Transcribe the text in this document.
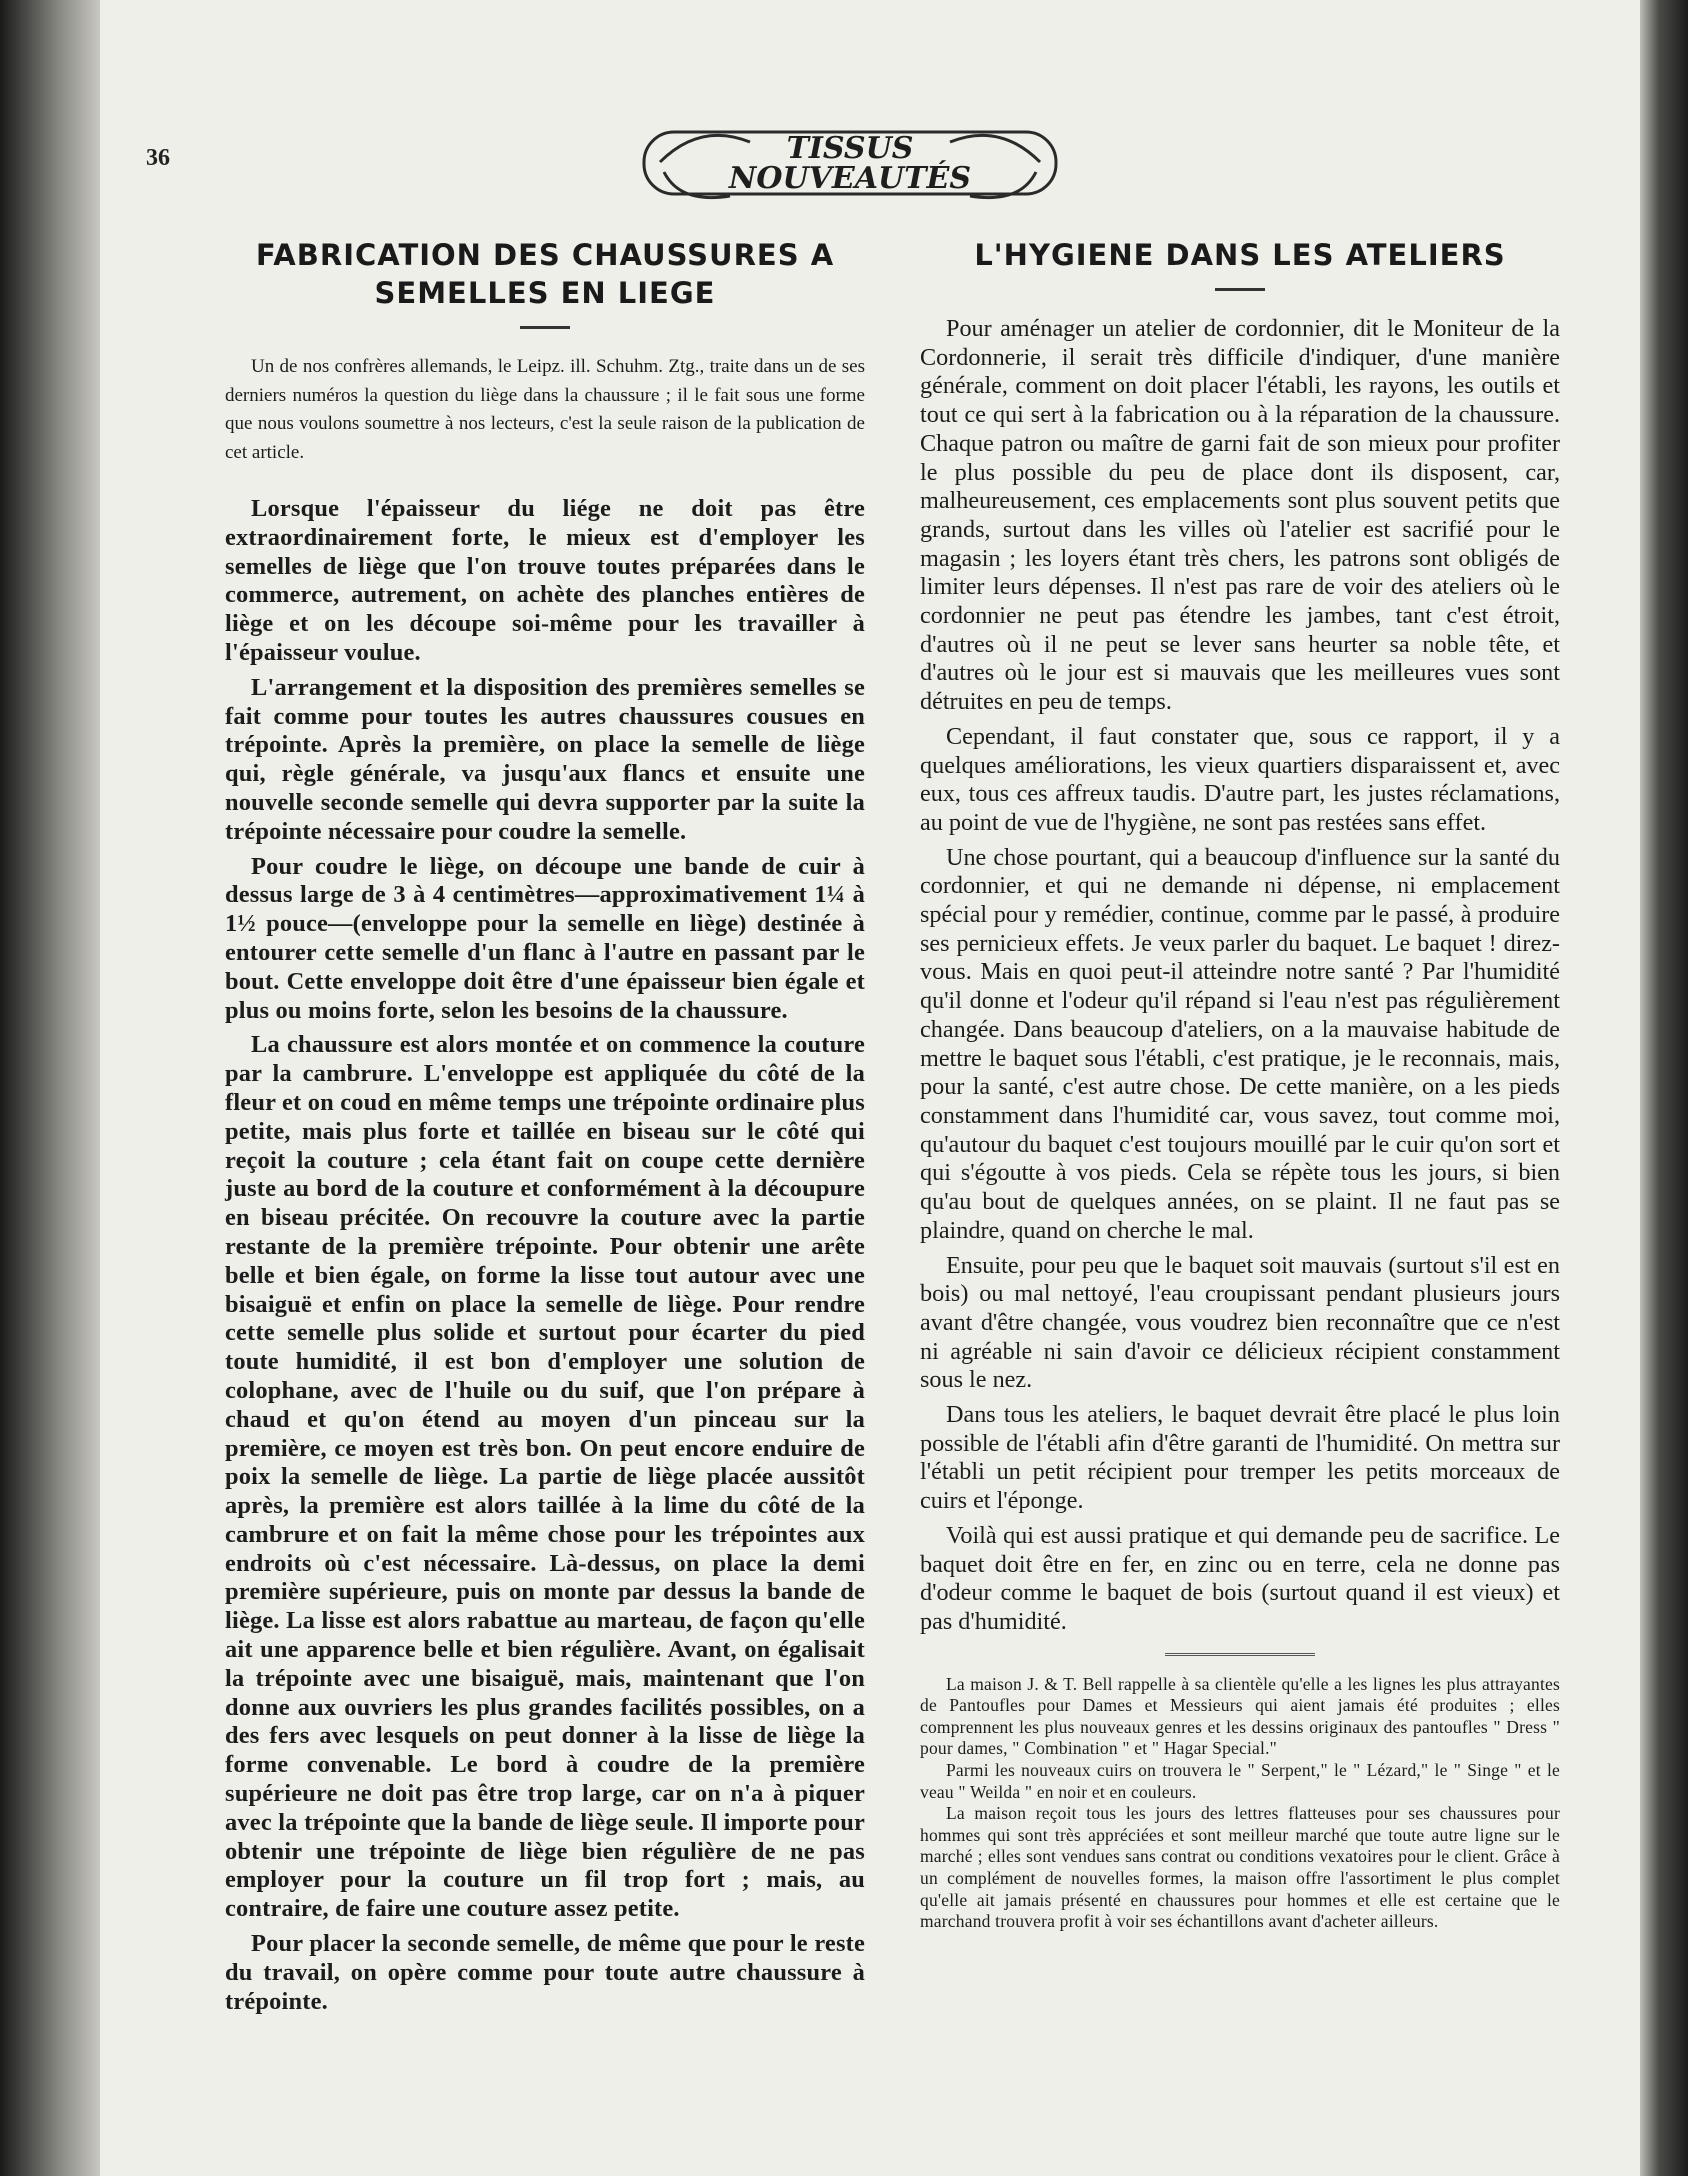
36	TISSUS
NOUVEAUTÉS
FABRICATION DES CHAUSSURES A SEMELLES EN LIEGE

Un de nos confrères allemands, le Leipz. ill. Schuhm. Ztg., traite dans un de ses derniers numéros la question du liège dans la chaussure ; il le fait sous une forme que nous voulons soumettre à nos lecteurs, c'est la seule raison de la publication de cet article.

Lorsque l'épaisseur du liége ne doit pas être extraordinairement forte, le mieux est d'employer les semelles de liège que l'on trouve toutes préparées dans le commerce, autrement, on achète des planches entières de liège et on les découpe soi-même pour les travailler à l'épaisseur voulue.

L'arrangement et la disposition des premières semelles se fait comme pour toutes les autres chaussures cousues en trépointe. Après la première, on place la semelle de liège qui, règle générale, va jusqu'aux flancs et ensuite une nouvelle seconde semelle qui devra supporter par la suite la trépointe nécessaire pour coudre la semelle.

Pour coudre le liège, on découpe une bande de cuir à dessus large de 3 à 4 centimètres—approximativement 1¼ à 1½ pouce—(enveloppe pour la semelle en liège) destinée à entourer cette semelle d'un flanc à l'autre en passant par le bout. Cette enveloppe doit être d'une épaisseur bien égale et plus ou moins forte, selon les besoins de la chaussure.

La chaussure est alors montée et on commence la couture par la cambrure. L'enveloppe est appliquée du côté de la fleur et on coud en même temps une trépointe ordinaire plus petite, mais plus forte et taillée en biseau sur le côté qui reçoit la couture ; cela étant fait on coupe cette dernière juste au bord de la couture et conformément à la découpure en biseau précitée. On recouvre la couture avec la partie restante de la première trépointe. Pour obtenir une arête belle et bien égale, on forme la lisse tout autour avec une bisaiguë et enfin on place la semelle de liège. Pour rendre cette semelle plus solide et surtout pour écarter du pied toute humidité, il est bon d'employer une solution de colophane, avec de l'huile ou du suif, que l'on prépare à chaud et qu'on étend au moyen d'un pinceau sur la première, ce moyen est très bon. On peut encore enduire de poix la semelle de liège. La partie de liège placée aussitôt après, la première est alors taillée à la lime du côté de la cambrure et on fait la même chose pour les trépointes aux endroits où c'est nécessaire. Là-dessus, on place la demi première supérieure, puis on monte par dessus la bande de liège. La lisse est alors rabattue au marteau, de façon qu'elle ait une apparence belle et bien régulière. Avant, on égalisait la trépointe avec une bisaiguë, mais, maintenant que l'on donne aux ouvriers les plus grandes facilités possibles, on a des fers avec lesquels on peut donner à la lisse de liège la forme convenable. Le bord à coudre de la première supérieure ne doit pas être trop large, car on n'a à piquer avec la trépointe que la bande de liège seule. Il importe pour obtenir une trépointe de liège bien régulière de ne pas employer pour la couture un fil trop fort ; mais, au contraire, de faire une couture assez petite.

Pour placer la seconde semelle, de même que pour le reste du travail, on opère comme pour toute autre chaussure à trépointe.

L'HYGIENE DANS LES ATELIERS

Pour aménager un atelier de cordonnier, dit le Moniteur de la Cordonnerie, il serait très difficile d'indiquer, d'une manière générale, comment on doit placer l'établi, les rayons, les outils et tout ce qui sert à la fabrication ou à la réparation de la chaussure. Chaque patron ou maître de garni fait de son mieux pour profiter le plus possible du peu de place dont ils disposent, car, malheureusement, ces emplacements sont plus souvent petits que grands, surtout dans les villes où l'atelier est sacrifié pour le magasin ; les loyers étant très chers, les patrons sont obligés de limiter leurs dépenses. Il n'est pas rare de voir des ateliers où le cordonnier ne peut pas étendre les jambes, tant c'est étroit, d'autres où il ne peut se lever sans heurter sa noble tête, et d'autres où le jour est si mauvais que les meilleures vues sont détruites en peu de temps.

Cependant, il faut constater que, sous ce rapport, il y a quelques améliorations, les vieux quartiers disparaissent et, avec eux, tous ces affreux taudis. D'autre part, les justes réclamations, au point de vue de l'hygiène, ne sont pas restées sans effet.

Une chose pourtant, qui a beaucoup d'influence sur la santé du cordonnier, et qui ne demande ni dépense, ni emplacement spécial pour y remédier, continue, comme par le passé, à produire ses pernicieux effets. Je veux parler du baquet. Le baquet ! direz-vous. Mais en quoi peut-il atteindre notre santé ? Par l'humidité qu'il donne et l'odeur qu'il répand si l'eau n'est pas régulièrement changée. Dans beaucoup d'ateliers, on a la mauvaise habitude de mettre le baquet sous l'établi, c'est pratique, je le reconnais, mais, pour la santé, c'est autre chose. De cette manière, on a les pieds constamment dans l'humidité car, vous savez, tout comme moi, qu'autour du baquet c'est toujours mouillé par le cuir qu'on sort et qui s'égoutte à vos pieds. Cela se répète tous les jours, si bien qu'au bout de quelques années, on se plaint. Il ne faut pas se plaindre, quand on cherche le mal.

Ensuite, pour peu que le baquet soit mauvais (surtout s'il est en bois) ou mal nettoyé, l'eau croupissant pendant plusieurs jours avant d'être changée, vous voudrez bien reconnaître que ce n'est ni agréable ni sain d'avoir ce délicieux récipient constamment sous le nez.

Dans tous les ateliers, le baquet devrait être placé le plus loin possible de l'établi afin d'être garanti de l'humidité. On mettra sur l'établi un petit récipient pour tremper les petits morceaux de cuirs et l'éponge.

Voilà qui est aussi pratique et qui demande peu de sacrifice. Le baquet doit être en fer, en zinc ou en terre, cela ne donne pas d'odeur comme le baquet de bois (surtout quand il est vieux) et pas d'humidité.

La maison J. & T. Bell rappelle à sa clientèle qu'elle a les lignes les plus attrayantes de Pantoufles pour Dames et Messieurs qui aient jamais été produites ; elles comprennent les plus nouveaux genres et les dessins originaux des pantoufles " Dress " pour dames, " Combination " et " Hagar Special."

Parmi les nouveaux cuirs on trouvera le " Serpent," le " Lézard," le " Singe " et le veau " Weilda " en noir et en couleurs.

La maison reçoit tous les jours des lettres flatteuses pour ses chaussures pour hommes qui sont très appréciées et sont meilleur marché que toute autre ligne sur le marché ; elles sont vendues sans contrat ou conditions vexatoires pour le client. Grâce à un complément de nouvelles formes, la maison offre l'assortiment le plus complet qu'elle ait jamais présenté en chaussures pour hommes et elle est certaine que le marchand trouvera profit à voir ses échantillons avant d'acheter ailleurs.
